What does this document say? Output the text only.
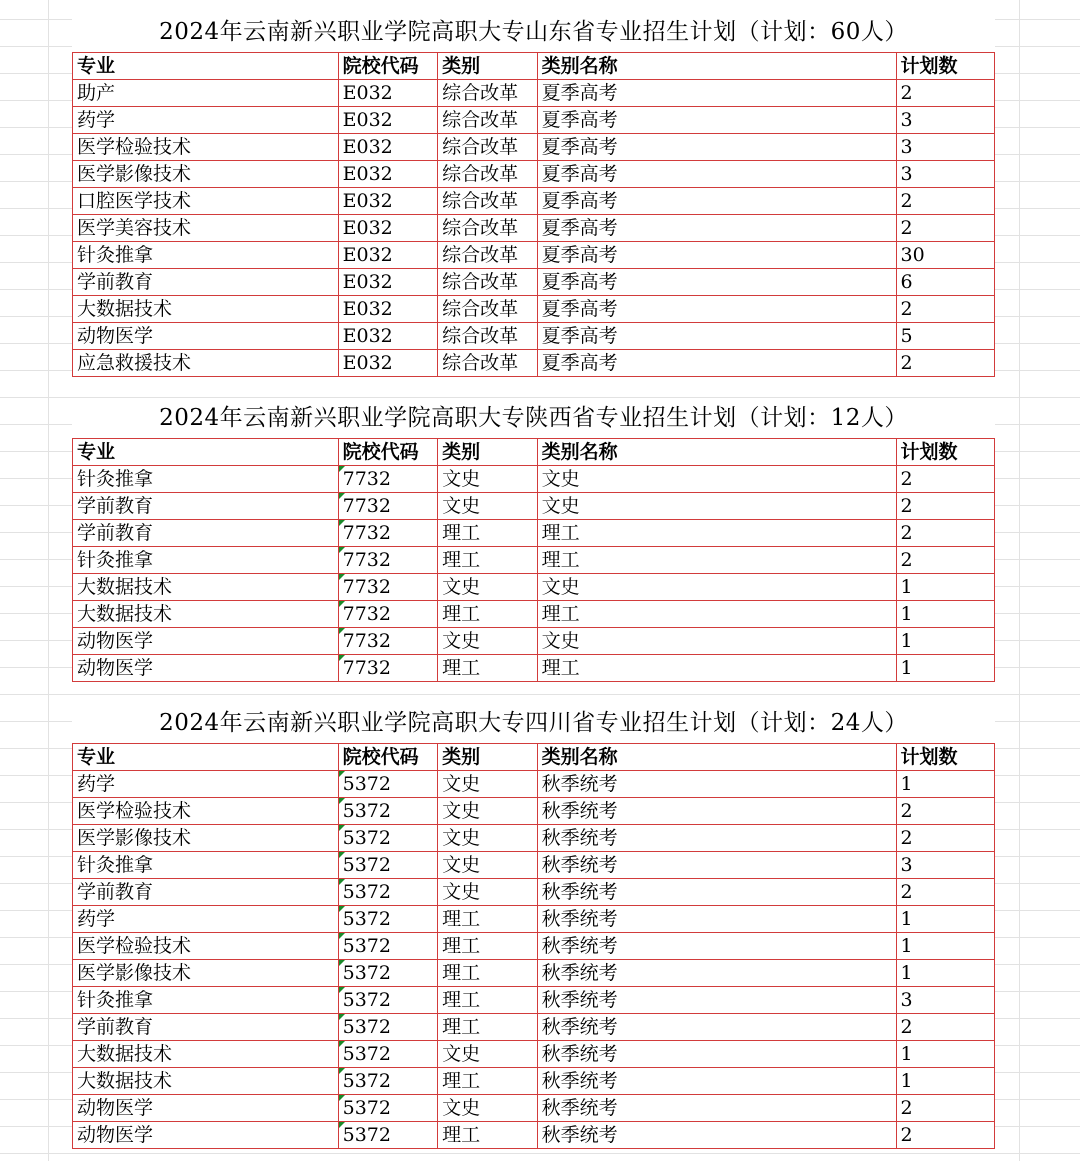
2024年云南新兴职业学院高职大专山东省专业招生计划（计划：60人）
专业	院校代码	类别	类别名称	计划数
助产	E032	综合改革	夏季高考	2
药学	E032	综合改革	夏季高考	3
医学检验技术	E032	综合改革	夏季高考	3
医学影像技术	E032	综合改革	夏季高考	3
口腔医学技术	E032	综合改革	夏季高考	2
医学美容技术	E032	综合改革	夏季高考	2
针灸推拿	E032	综合改革	夏季高考	30
学前教育	E032	综合改革	夏季高考	6
大数据技术	E032	综合改革	夏季高考	2
动物医学	E032	综合改革	夏季高考	5
应急救援技术	E032	综合改革	夏季高考	2
2024年云南新兴职业学院高职大专陕西省专业招生计划（计划：12人）
专业	院校代码	类别	类别名称	计划数
针灸推拿	7732	文史	文史	2
学前教育	7732	文史	文史	2
学前教育	7732	理工	理工	2
针灸推拿	7732	理工	理工	2
大数据技术	7732	文史	文史	1
大数据技术	7732	理工	理工	1
动物医学	7732	文史	文史	1
动物医学	7732	理工	理工	1
2024年云南新兴职业学院高职大专四川省专业招生计划（计划：24人）
专业	院校代码	类别	类别名称	计划数
药学	5372	文史	秋季统考	1
医学检验技术	5372	文史	秋季统考	2
医学影像技术	5372	文史	秋季统考	2
针灸推拿	5372	文史	秋季统考	3
学前教育	5372	文史	秋季统考	2
药学	5372	理工	秋季统考	1
医学检验技术	5372	理工	秋季统考	1
医学影像技术	5372	理工	秋季统考	1
针灸推拿	5372	理工	秋季统考	3
学前教育	5372	理工	秋季统考	2
大数据技术	5372	文史	秋季统考	1
大数据技术	5372	理工	秋季统考	1
动物医学	5372	文史	秋季统考	2
动物医学	5372	理工	秋季统考	2
